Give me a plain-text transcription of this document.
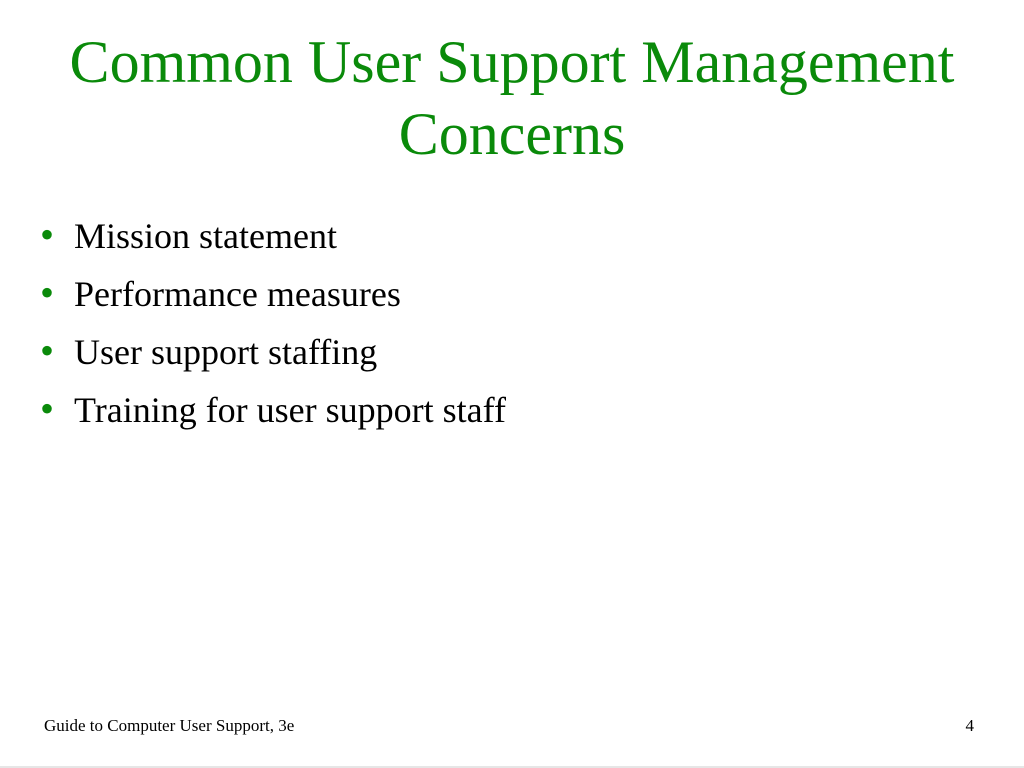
Common User Support Management
Concerns
• Mission statement
• Performance measures
• User support staffing
• Training for user support staff
Guide to Computer User Support, 3e	4
